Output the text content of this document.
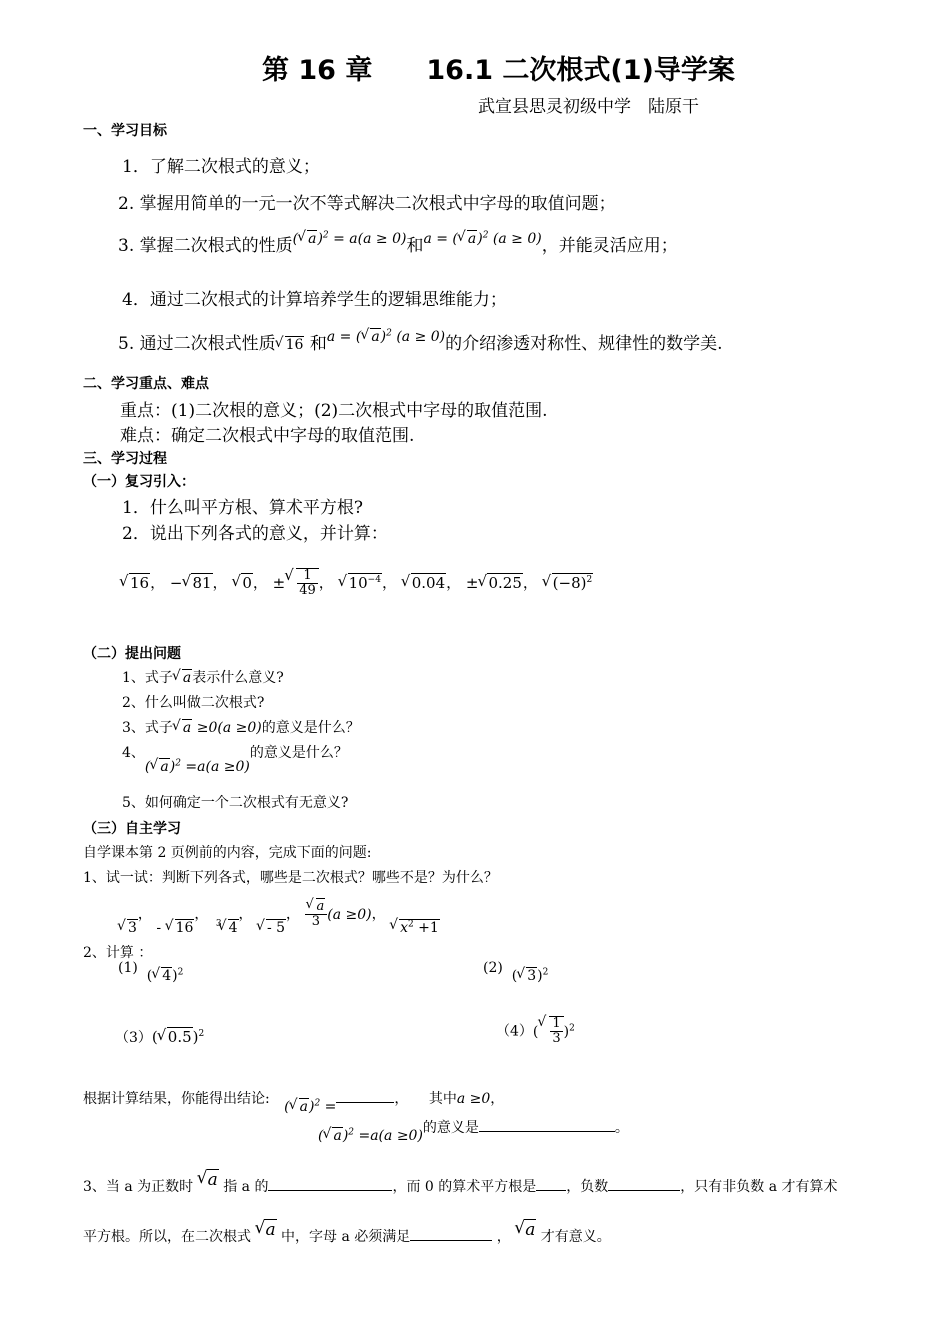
第 16 章　　16.1 二次根式(1)导学案
武宣县思灵初级中学　陆原干
一、学习目标
1．了解二次根式的意义；
2. 掌握用简单的一元一次不等式解决二次根式中字母的取值问题；
3. 掌握二次根式的性质$^{( √ a)^2 = a(a \ge 0)}$和$^{a = ( √ a)^2 (a \ge 0)}$，并能灵活应用；
4．通过二次根式的计算培养学生的逻辑思维能力；
5. 通过二次根式性质 √ 16 和$^{a = ( √ a)^2 (a \ge 0)}$的介绍渗透对称性、规律性的数学美.
二、学习重点、难点
重点：(1)二次根的意义；(2)二次根式中字母的取值范围.
难点：确定二次根式中字母的取值范围.
三、学习过程
（一）复习引入：
1．什么叫平方根、算术平方根?
2．说出下列各式的意义，并计算：
√ 16， − √ 81， √ 0， ± √ $\frac{1}{49}$ ， √ $10^{-4}$， √ 0.04， ± √ 0.25， √ $(-8)^2$
（二）提出问题
1、式子 √ a表示什么意义?
2、什么叫做二次根式?
3、式子 √ a ≥0(a ≥0)的意义是什么？
4、( √ a)$^2$ =a(a ≥0)的意义是什么？
5、如何确定一个二次根式有无意义?
（三）自主学习
自学课本第 2 页例前的内容，完成下面的问题:
1、试一试：判断下列各式，哪些是二次根式？哪些不是？为什么？
√ 3， - √ 16， $^3$ √ 4， √ - 5， √ $\frac{a}{3} (a \ge 0)$， √ $x^2 +1$
2、计算 ：
(1) ( √ 4)$^2$	(2) ( √ 3)$^2$
（3）( √ 0.5)$^2$	（4）( √ $\frac{1}{3} )^2$
根据计算结果，你能得出结论: ( √ a)$^2$ =	， 其中a ≥0，
( √ a)$^2$ =a(a ≥0)的意义是	。
3、当 a 为正数时 √ a 指 a 的	，而 0 的算术平方根是 ，负数	，只有非负数 a 才有算术
平方根。所以，在二次根式 √ a 中，字母 a 必须满足	， √ a 才有意义。
